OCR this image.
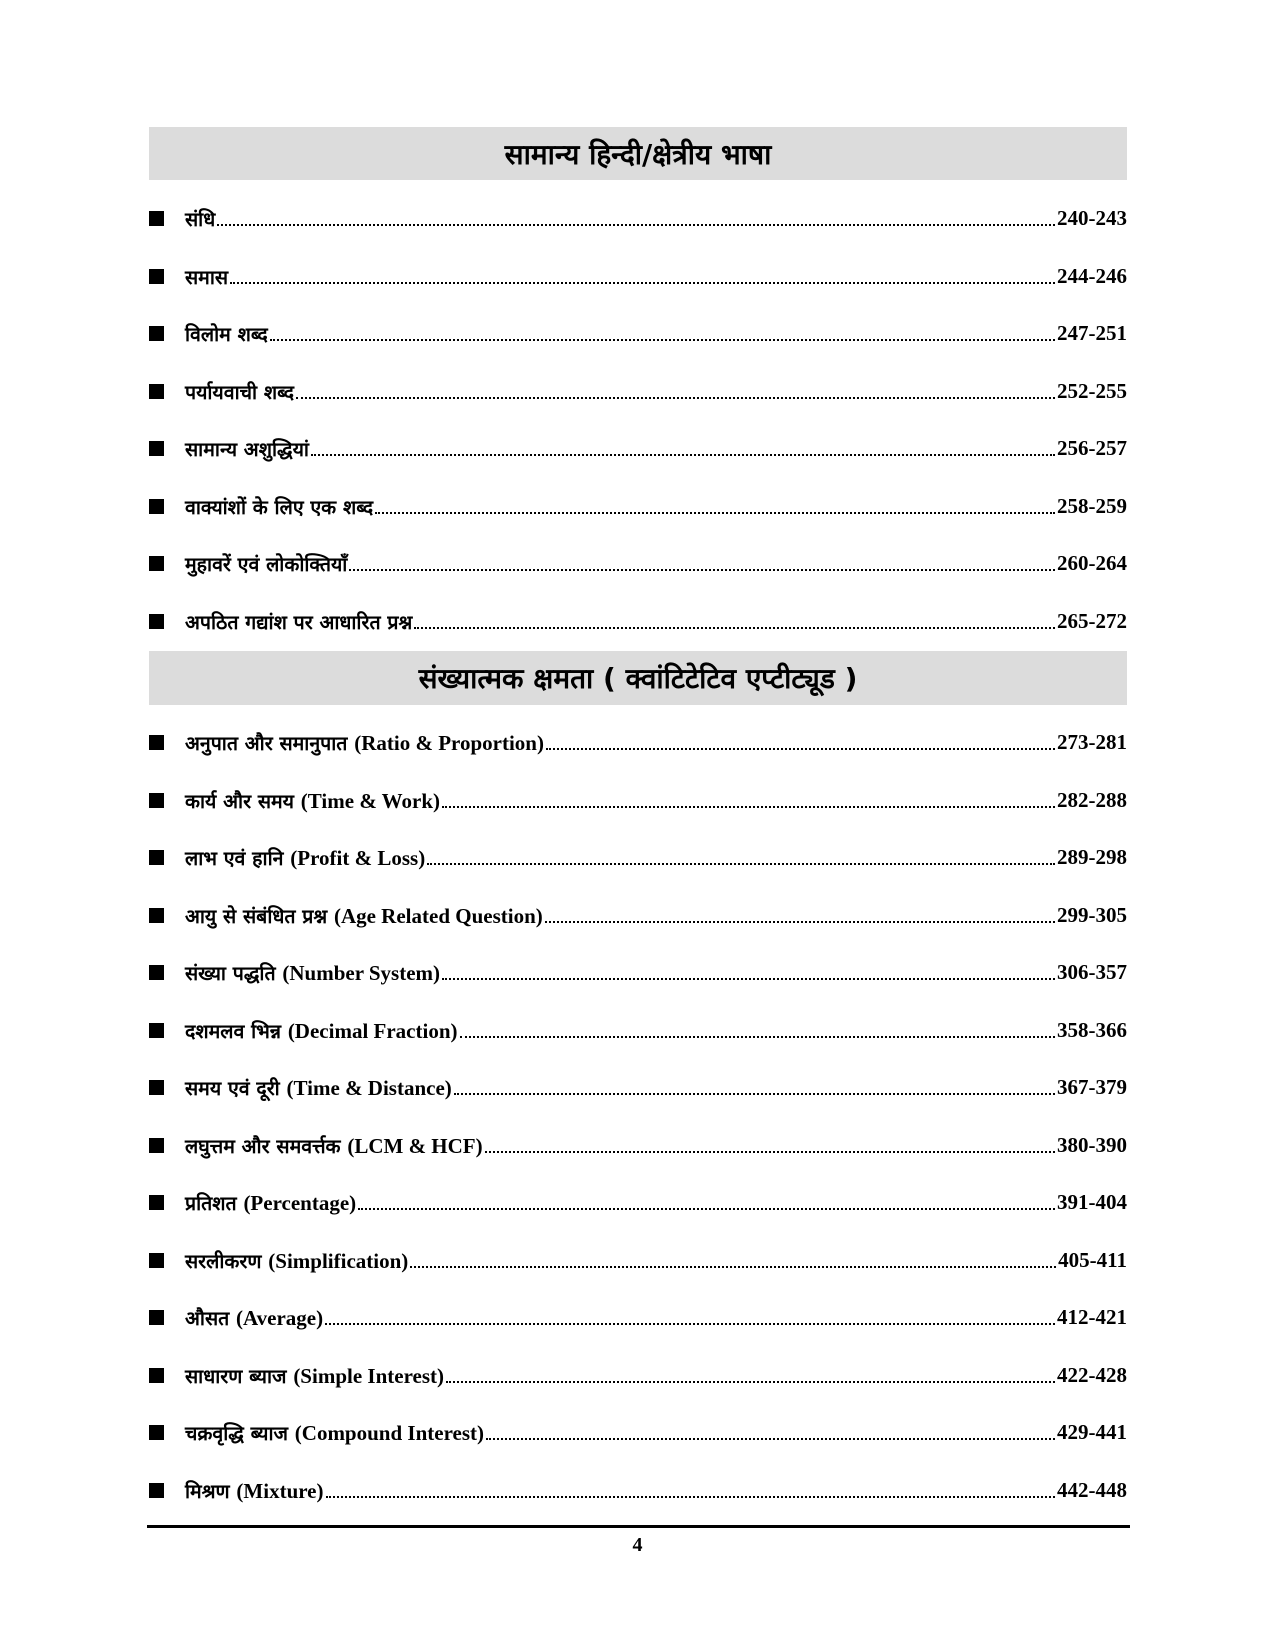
सामान्य हिन्दी/क्षेत्रीय भाषा
संधि	240-243
समास	244-246
विलोम शब्द	247-251
पर्यायवाची शब्द	252-255
सामान्य अशुद्धियां	256-257
वाक्यांशों के लिए एक शब्द	258-259
मुहावरें एवं लोकोक्तियाँ	260-264
अपठित गद्यांश पर आधारित प्रश्न	265-272
संख्यात्मक क्षमता ( क्वांटिटेटिव एप्टीट्यूड )
अनुपात और समानुपात (Ratio & Proportion)	273-281
कार्य और समय (Time & Work)	282-288
लाभ एवं हानि (Profit & Loss)	289-298
आयु से संबंधित प्रश्न (Age Related Question)	299-305
संख्या पद्धति (Number System)	306-357
दशमलव भिन्न (Decimal Fraction)	358-366
समय एवं दूरी (Time & Distance)	367-379
लघुत्तम और समवर्त्तक (LCM & HCF)	380-390
प्रतिशत (Percentage)	391-404
सरलीकरण (Simplification)	405-411
औसत (Average)	412-421
साधारण ब्याज (Simple Interest)	422-428
चक्रवृद्धि ब्याज (Compound Interest)	429-441
मिश्रण (Mixture)	442-448
4
